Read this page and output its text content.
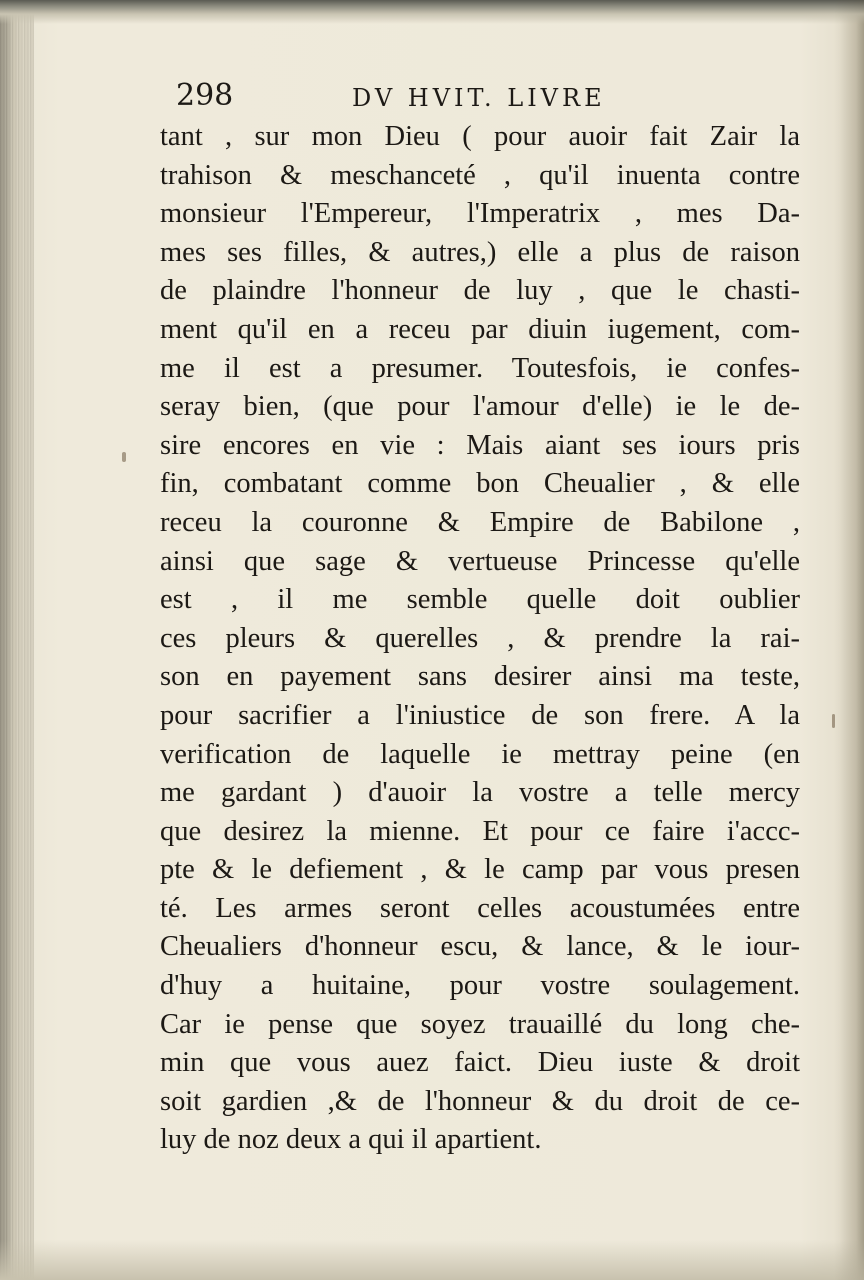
298	DV HVIT. LIVRE
tant , sur mon Dieu ( pour auoir fait Zair la
trahison & meschanceté , qu'il inuenta contre
monsieur l'Empereur, l'Imperatrix , mes Da-
mes ses filles, & autres,) elle a plus de raison
de plaindre l'honneur de luy , que le chasti-
ment qu'il en a receu par diuin iugement, com-
me il est a presumer. Toutesfois, ie confes-
seray bien, (que pour l'amour d'elle) ie le de-
sire encores en vie : Mais aiant ses iours pris
fin, combatant comme bon Cheualier , & elle
receu la couronne & Empire de Babilone ,
ainsi que sage & vertueuse Princesse qu'elle
est , il me semble quelle doit oublier
ces pleurs & querelles , & prendre la rai-
son en payement sans desirer ainsi ma teste,
pour sacrifier a l'iniustice de son frere. A la
verification de laquelle ie mettray peine (en
me gardant ) d'auoir la vostre a telle mercy
que desirez la mienne. Et pour ce faire i'accc-
pte & le defiement , & le camp par vous presen
té. Les armes seront celles acoustumées entre
Cheualiers d'honneur escu, & lance, & le iour-
d'huy a huitaine, pour vostre soulagement.
Car ie pense que soyez trauaillé du long che-
min que vous auez faict. Dieu iuste & droit
soit gardien ,& de l'honneur & du droit de ce-
luy de noz deux a qui il apartient.
